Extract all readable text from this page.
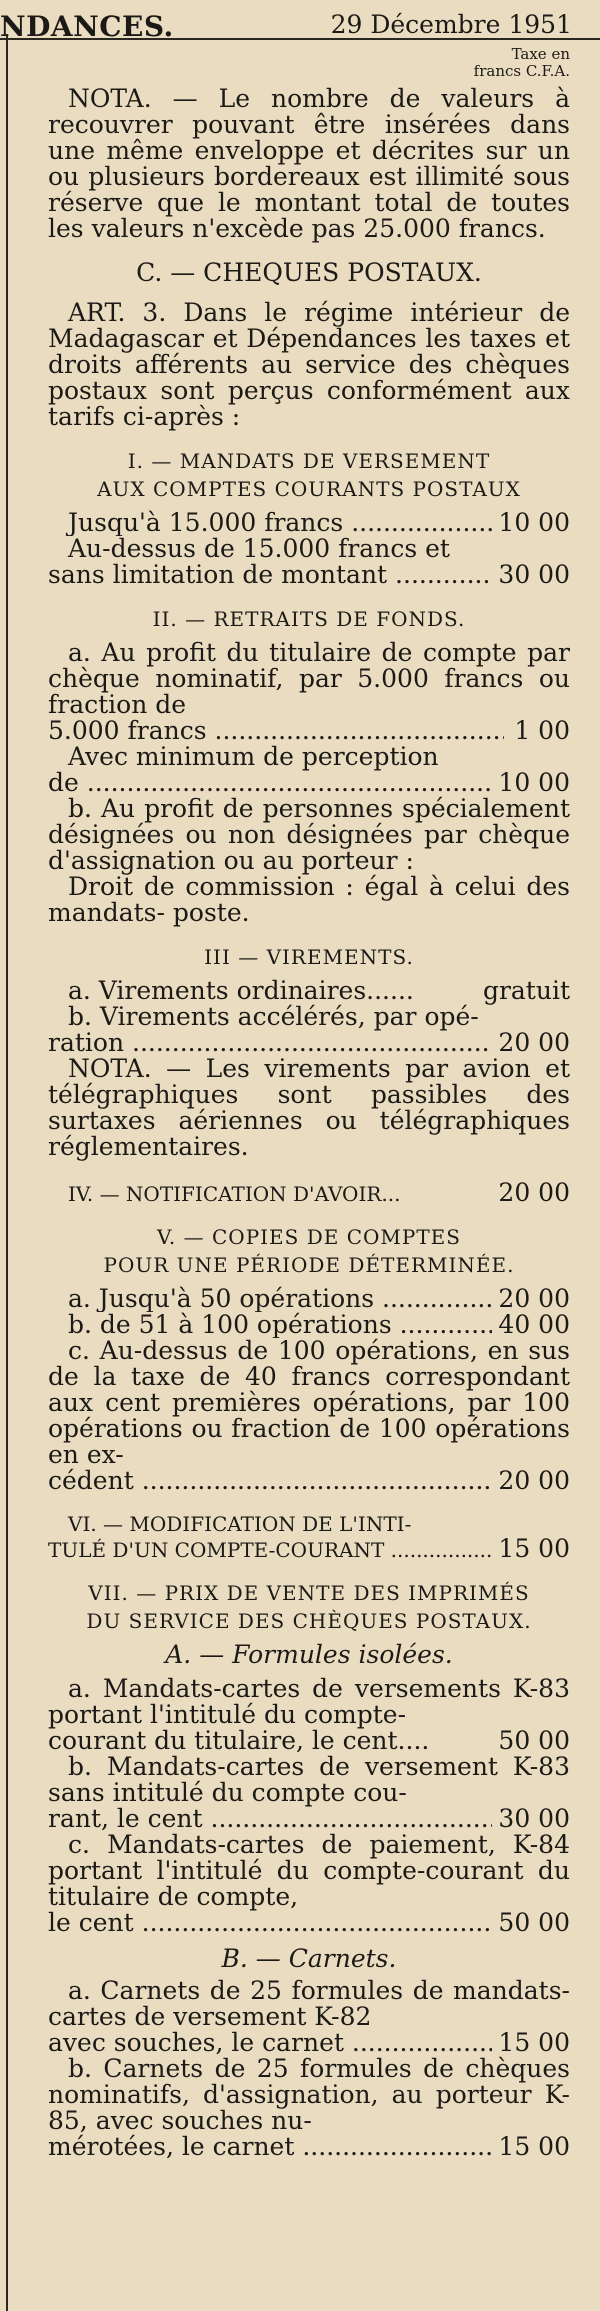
NDANCES.	29 Décembre 1951
Taxe en
francs C.F.A.

NOTA. — Le nombre de valeurs à recouvrer pouvant être insérées dans une même enveloppe et décrites sur un ou plusieurs bordereaux est illimité sous réserve que le montant total de toutes les valeurs n'excède pas 25.000 francs.

C. — CHEQUES POSTAUX.

ART. 3. Dans le régime intérieur de Madagascar et Dépendances les taxes et droits afférents au service des chèques postaux sont perçus conformément aux tarifs ci-après :

I. — MANDATS DE VERSEMENT
AUX COMPTES COURANTS POSTAUX
Jusqu'à 15.000 francs .....	10 00

Au-dessus de 15.000 francs et

sans limitation de montant .....	30 00
II. — RETRAITS DE FONDS.

a. Au profit du titulaire de compte par chèque nominatif, par 5.000 francs ou fraction de

5.000 francs .....	1 00

Avec minimum de perception

de .....	10 00

b. Au profit de personnes spécialement désignées ou non désignées par chèque d'assignation ou au porteur :

Droit de commission : égal à celui des mandats- poste.

III — VIREMENTS.
a. Virements ordinaires......	gratuit

b. Virements accélérés, par opé-

ration .....	20 00

NOTA. — Les virements par avion et télégraphiques sont passibles des surtaxes aériennes ou télégraphiques réglementaires.

IV. — NOTIFICATION D'AVOIR...	20 00
V. — COPIES DE COMPTES
POUR UNE PÉRIODE DÉTERMINÉE.
a. Jusqu'à 50 opérations .....	20 00
b. de 51 à 100 opérations .....	40 00

c. Au-dessus de 100 opérations, en sus de la taxe de 40 francs correspondant aux cent premières opérations, par 100 opérations ou fraction de 100 opérations en ex-

cédent .....	20 00

VI. — MODIFICATION DE L'INTI-

TULÉ D'UN COMPTE-COURANT .....	15 00
VII. — PRIX DE VENTE DES IMPRIMÉS
DU SERVICE DES CHÈQUES POSTAUX.
A. — Formules isolées.

a. Mandats-cartes de versements K-83 portant l'intitulé du compte-

courant du titulaire, le cent....	50 00

b. Mandats-cartes de versement K-83 sans intitulé du compte cou-

rant, le cent .....	30 00

c. Mandats-cartes de paiement, K-84 portant l'intitulé du compte-courant du titulaire de compte,

le cent .....	50 00
B. — Carnets.

a. Carnets de 25 formules de mandats-cartes de versement K-82

avec souches, le carnet .....	15 00

b. Carnets de 25 formules de chèques nominatifs, d'assignation, au porteur K-85, avec souches nu-

mérotées, le carnet .....	15 00
